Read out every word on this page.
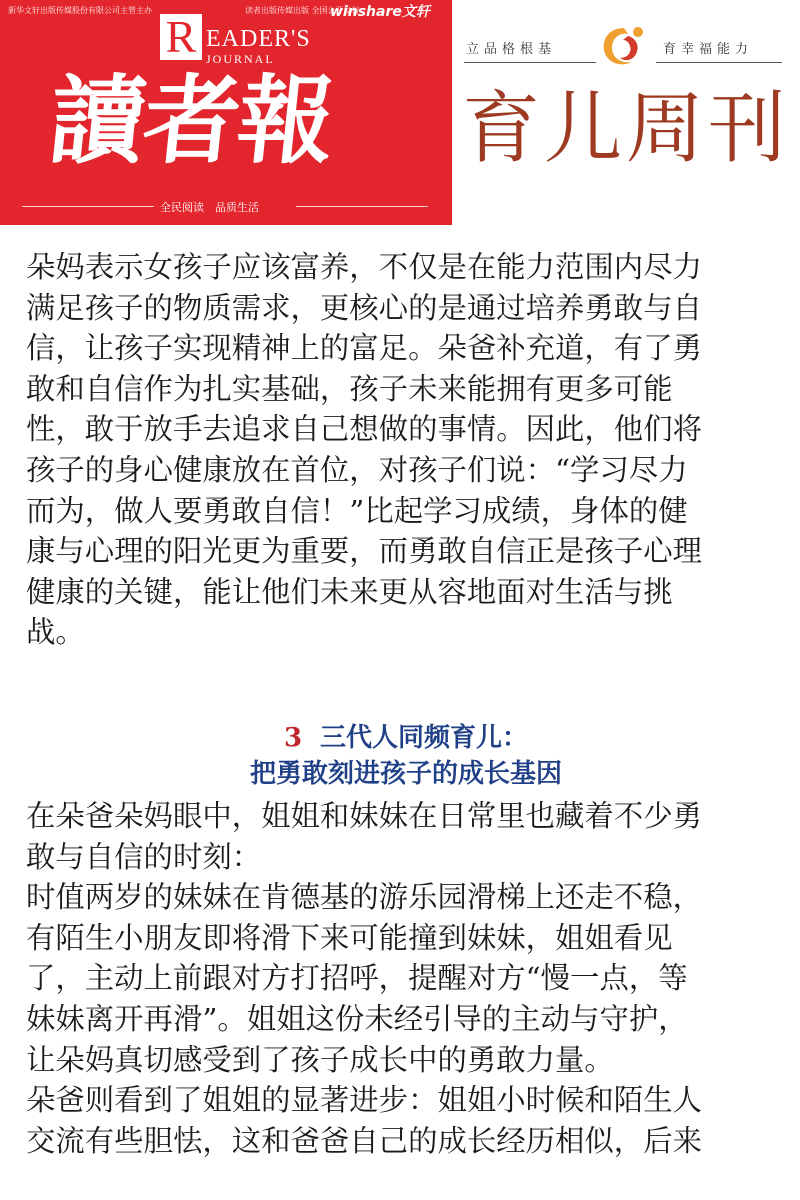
新华文轩出版传媒股份有限公司主管主办	读者出版传媒出版 全国公开发行
winshare文轩
R EADER'S
JOURNAL
讀者報
全民阅读　品质生活
立品格根基	育幸福能力
育儿周刊

朵妈表示女孩子应该富养，不仅是在能力范围内尽力
满足孩子的物质需求，更核心的是通过培养勇敢与自
信，让孩子实现精神上的富足。朵爸补充道，有了勇
敢和自信作为扎实基础，孩子未来能拥有更多可能
性，敢于放手去追求自己想做的事情。因此，他们将
孩子的身心健康放在首位，对孩子们说：“学习尽力
而为，做人要勇敢自信！”比起学习成绩，身体的健
康与心理的阳光更为重要，而勇敢自信正是孩子心理
健康的关键，能让他们未来更从容地面对生活与挑
战。

3 三代人同频育儿：
把勇敢刻进孩子的成长基因

在朵爸朵妈眼中，姐姐和妹妹在日常里也藏着不少勇
敢与自信的时刻：

时值两岁的妹妹在肯德基的游乐园滑梯上还走不稳，
有陌生小朋友即将滑下来可能撞到妹妹，姐姐看见
了，主动上前跟对方打招呼，提醒对方“慢一点，等
妹妹离开再滑”。姐姐这份未经引导的主动与守护，
让朵妈真切感受到了孩子成长中的勇敢力量。

朵爸则看到了姐姐的显著进步：姐姐小时候和陌生人
交流有些胆怯，这和爸爸自己的成长经历相似，后来
